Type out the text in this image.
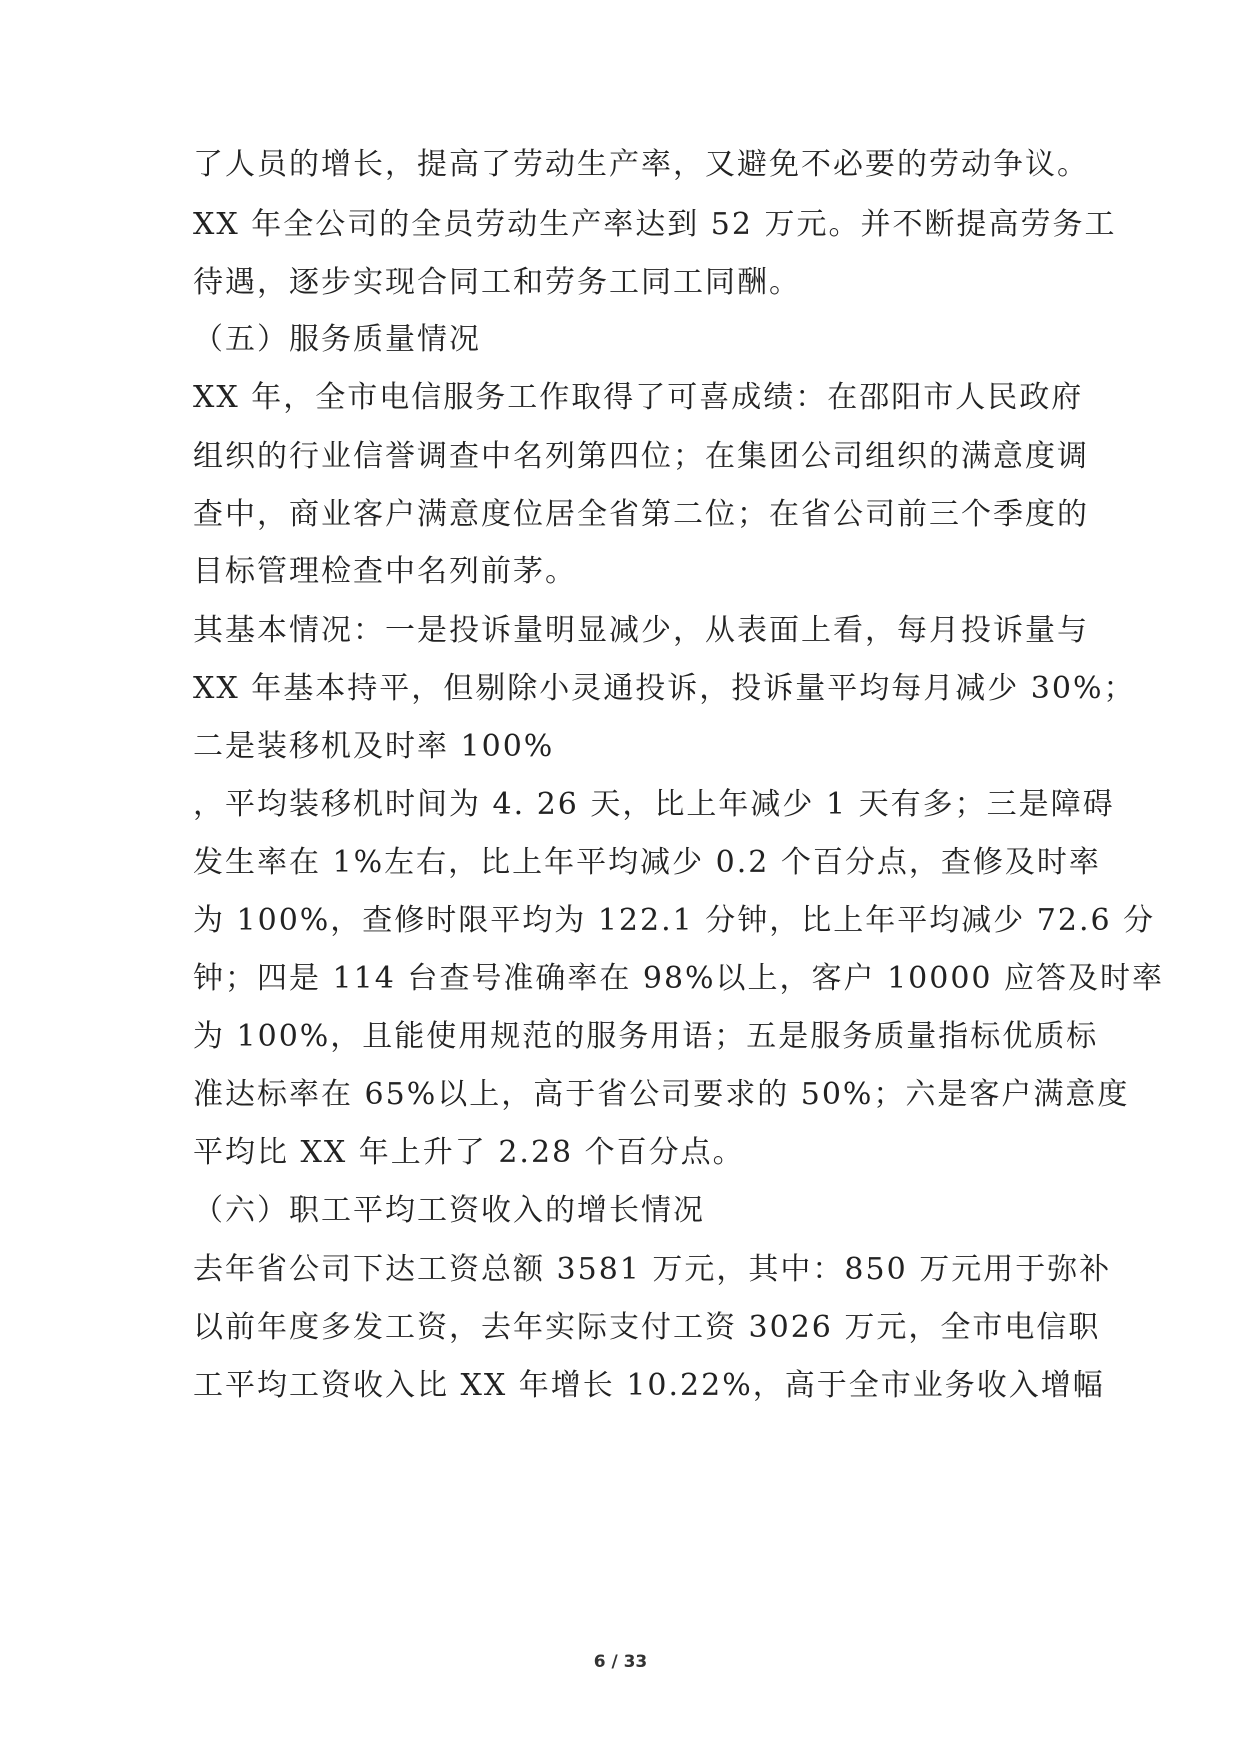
了人员的增长，提高了劳动生产率，又避免不必要的劳动争议。
XX 年全公司的全员劳动生产率达到 52 万元。并不断提高劳务工
待遇，逐步实现合同工和劳务工同工同酬。
（五）服务质量情况
XX 年，全市电信服务工作取得了可喜成绩：在邵阳市人民政府
组织的行业信誉调查中名列第四位；在集团公司组织的满意度调
查中，商业客户满意度位居全省第二位；在省公司前三个季度的
目标管理检查中名列前茅。
其基本情况：一是投诉量明显减少，从表面上看，每月投诉量与
XX 年基本持平，但剔除小灵通投诉，投诉量平均每月减少 30%；
二是装移机及时率 100%
，平均装移机时间为 4. 26 天，比上年减少 1 天有多；三是障碍
发生率在 1%左右，比上年平均减少 0.2 个百分点，查修及时率
为 100%，查修时限平均为 122.1 分钟，比上年平均减少 72.6 分
钟；四是 114 台查号准确率在 98%以上，客户 10000 应答及时率
为 100%，且能使用规范的服务用语；五是服务质量指标优质标
准达标率在 65%以上，高于省公司要求的 50%；六是客户满意度
平均比 XX 年上升了 2.28 个百分点。
（六）职工平均工资收入的增长情况
去年省公司下达工资总额 3581 万元，其中：850 万元用于弥补
以前年度多发工资，去年实际支付工资 3026 万元，全市电信职
工平均工资收入比 XX 年增长 10.22%，高于全市业务收入增幅
6 / 33
